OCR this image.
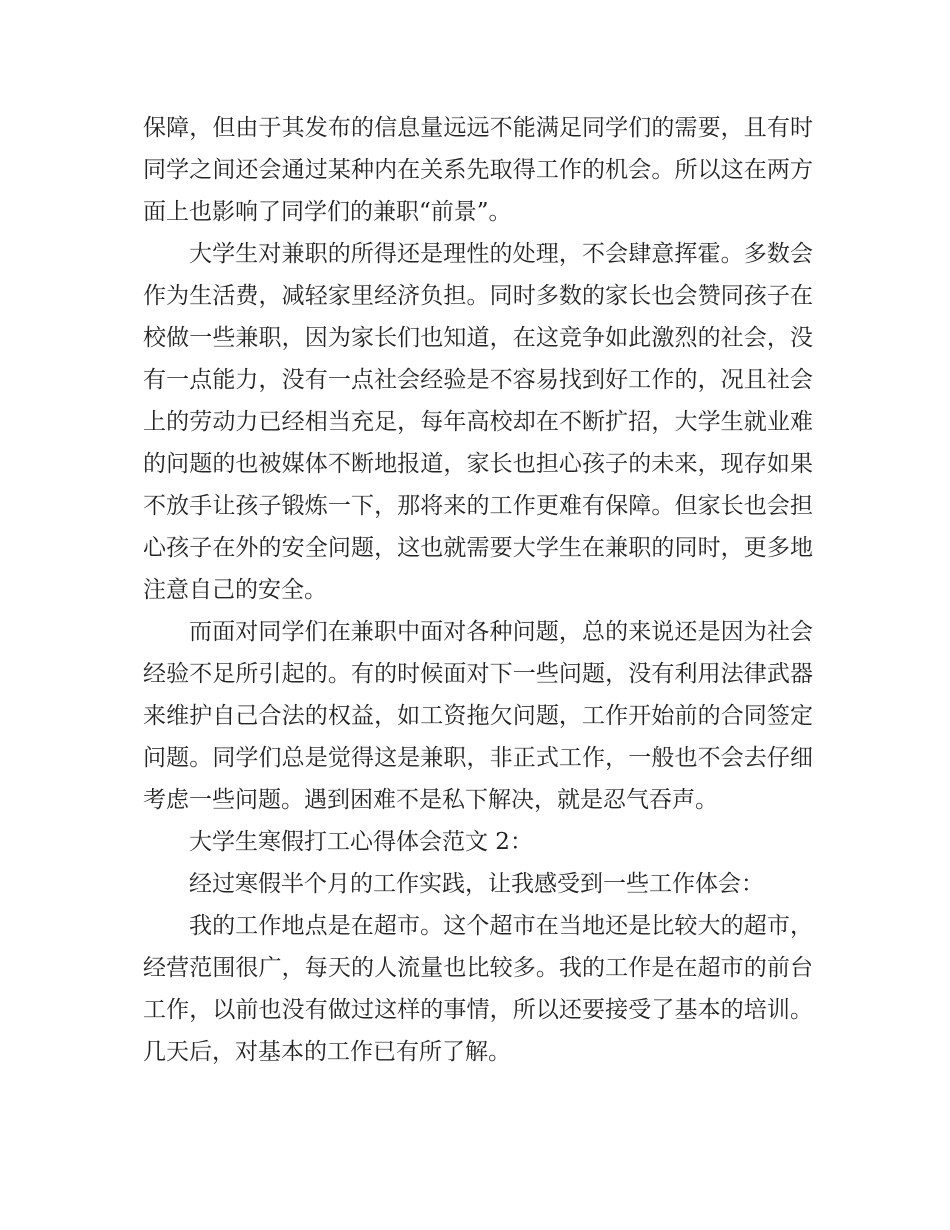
保障，但由于其发布的信息量远远不能满足同学们的需要，且有时同学之间还会通过某种内在关系先取得工作的机会。所以这在两方面上也影响了同学们的兼职“前景”。

大学生对兼职的所得还是理性的处理，不会肆意挥霍。多数会作为生活费，减轻家里经济负担。同时多数的家长也会赞同孩子在校做一些兼职，因为家长们也知道，在这竞争如此激烈的社会，没有一点能力，没有一点社会经验是不容易找到好工作的，况且社会上的劳动力已经相当充足，每年高校却在不断扩招，大学生就业难的问题的也被媒体不断地报道，家长也担心孩子的未来，现存如果不放手让孩子锻炼一下，那将来的工作更难有保障。但家长也会担心孩子在外的安全问题，这也就需要大学生在兼职的同时，更多地注意自己的安全。

而面对同学们在兼职中面对各种问题，总的来说还是因为社会经验不足所引起的。有的时候面对下一些问题，没有利用法律武器来维护自己合法的权益，如工资拖欠问题，工作开始前的合同签定问题。同学们总是觉得这是兼职，非正式工作，一般也不会去仔细考虑一些问题。遇到困难不是私下解决，就是忍气吞声。

大学生寒假打工心得体会范文 2：

经过寒假半个月的工作实践，让我感受到一些工作体会：

我的工作地点是在超市。这个超市在当地还是比较大的超市，经营范围很广，每天的人流量也比较多。我的工作是在超市的前台工作，以前也没有做过这样的事情，所以还要接受了基本的培训。几天后，对基本的工作已有所了解。
